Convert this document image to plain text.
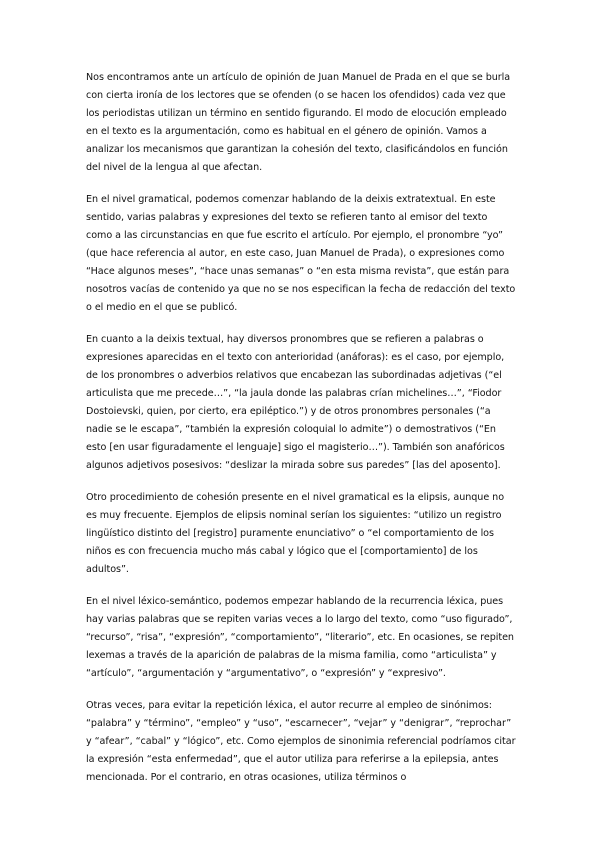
Nos encontramos ante un artículo de opinión de Juan Manuel de Prada en el que se burla con cierta ironía de los lectores que se ofenden (o se hacen los ofendidos) cada vez que los periodistas utilizan un término en sentido figurando. El modo de elocución empleado en el texto es la argumentación, como es habitual en el género de opinión. Vamos a analizar los mecanismos que garantizan la cohesión del texto, clasificándolos en función del nivel de la lengua al que afectan.

En el nivel gramatical, podemos comenzar hablando de la deixis extratextual. En este sentido, varias palabras y expresiones del texto se refieren tanto al emisor del texto como a las circunstancias en que fue escrito el artículo. Por ejemplo, el pronombre “yo” (que hace referencia al autor, en este caso, Juan Manuel de Prada), o expresiones como “Hace algunos meses”, “hace unas semanas” o “en esta misma revista”, que están para nosotros vacías de contenido ya que no se nos especifican la fecha de redacción del texto o el medio en el que se publicó.

En cuanto a la deixis textual, hay diversos pronombres que se refieren a palabras o expresiones aparecidas en el texto con anterioridad (anáforas): es el caso, por ejemplo, de los pronombres o adverbios relativos que encabezan las subordinadas adjetivas (“el articulista que me precede…”, “la jaula donde las palabras crían michelines…”, “Fiodor Dostoievski, quien, por cierto, era epiléptico.”) y de otros pronombres personales (“a nadie se le escapa”, “también la expresión coloquial lo admite”) o demostrativos (“En esto [en usar figuradamente el lenguaje] sigo el magisterio…”). También son anafóricos algunos adjetivos posesivos: “deslizar la mirada sobre sus paredes” [las del aposento].

Otro procedimiento de cohesión presente en el nivel gramatical es la elipsis, aunque no es muy frecuente. Ejemplos de elipsis nominal serían los siguientes: “utilizo un registro lingüístico distinto del [registro] puramente enunciativo” o “el comportamiento de los niños es con frecuencia mucho más cabal y lógico que el [comportamiento] de los adultos”.

En el nivel léxico-semántico, podemos empezar hablando de la recurrencia léxica, pues hay varias palabras que se repiten varias veces a lo largo del texto, como “uso figurado”, “recurso”, “risa”, “expresión”, “comportamiento”, “literario”, etc. En ocasiones, se repiten lexemas a través de la aparición de palabras de la misma familia, como “articulista” y “artículo”, “argumentación y “argumentativo”, o “expresión” y “expresivo”.

Otras veces, para evitar la repetición léxica, el autor recurre al empleo de sinónimos: “palabra” y “término”, “empleo” y “uso”, “escarnecer”, “vejar” y “denigrar”, “reprochar” y “afear”, “cabal” y “lógico”, etc. Como ejemplos de sinonimia referencial podríamos citar la expresión “esta enfermedad”, que el autor utiliza para referirse a la epilepsia, antes mencionada. Por el contrario, en otras ocasiones, utiliza términos o
